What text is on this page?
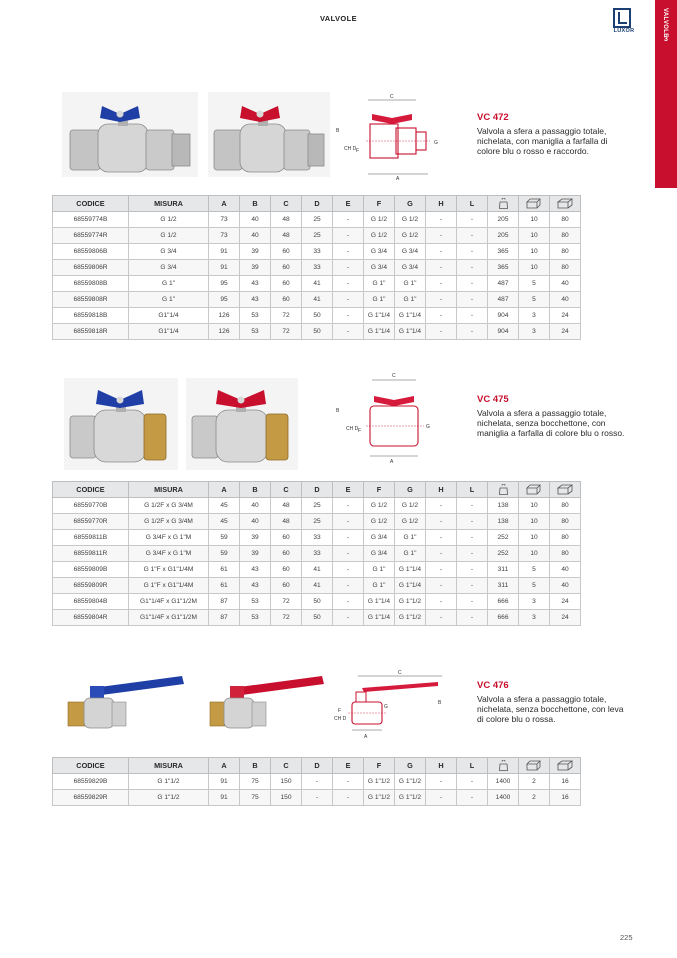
VALVOLE
LUXOR	VALVOLE
3
C
A
B
CH D F
G
VC 472
Valvola a sfera a passaggio totale, nichelata, con maniglia a farfalla di colore blu o rosso e raccordo.
CODICE	MISURA	A	B	C	D	E	F	G	H	L	

68559774B	G 1/2	73	40	48	25	-	G 1/2	G 1/2	-	-	205	10	80
68559774R	G 1/2	73	40	48	25	-	G 1/2	G 1/2	-	-	205	10	80
68559806B	G 3/4	91	39	60	33	-	G 3/4	G 3/4	-	-	365	10	80
68559806R	G 3/4	91	39	60	33	-	G 3/4	G 3/4	-	-	365	10	80
68559808B	G 1"	95	43	60	41	-	G 1"	G 1"	-	-	487	5	40
68559808R	G 1"	95	43	60	41	-	G 1"	G 1"	-	-	487	5	40
68559818B	G1"1/4	126	53	72	50	-	G 1"1/4	G 1"1/4	-	-	904	3	24
68559818R	G1"1/4	126	53	72	50	-	G 1"1/4	G 1"1/4	-	-	904	3	24
C
A
B
CH D F
G
VC 475
Valvola a sfera a passaggio totale, nichelata, senza bocchettone, con maniglia a farfalla di colore blu o rosso.
CODICE	MISURA	A	B	C	D	E	F	G	H	L	

68559770B	G 1/2F x G 3/4M	45	40	48	25	-	G 1/2	G 1/2	-	-	138	10	80
68559770R	G 1/2F x G 3/4M	45	40	48	25	-	G 1/2	G 1/2	-	-	138	10	80
68559811B	G 3/4F x G 1"M	59	39	60	33	-	G 3/4	G 1"	-	-	252	10	80
68559811R	G 3/4F x G 1"M	59	39	60	33	-	G 3/4	G 1"	-	-	252	10	80
68559809B	G 1"F x G1"1/4M	61	43	60	41	-	G 1"	G 1"1/4	-	-	311	5	40
68559809R	G 1"F x G1"1/4M	61	43	60	41	-	G 1"	G 1"1/4	-	-	311	5	40
68559804B	G1"1/4F x G1"1/2M	87	53	72	50	-	G 1"1/4	G 1"1/2	-	-	666	3	24
68559804R	G1"1/4F x G1"1/2M	87	53	72	50	-	G 1"1/4	G 1"1/2	-	-	666	3	24
C
A
B
CH D
F
G
VC 476
Valvola a sfera a passaggio totale, nichelata, senza bocchettone, con leva di colore blu o rossa.
CODICE	MISURA	A	B	C	D	E	F	G	H	L	

68559829B	G 1"1/2	91	75	150	-	-	G 1"1/2	G 1"1/2	-	-	1400	2	16
68559829R	G 1"1/2	91	75	150	-	-	G 1"1/2	G 1"1/2	-	-	1400	2	16
225
